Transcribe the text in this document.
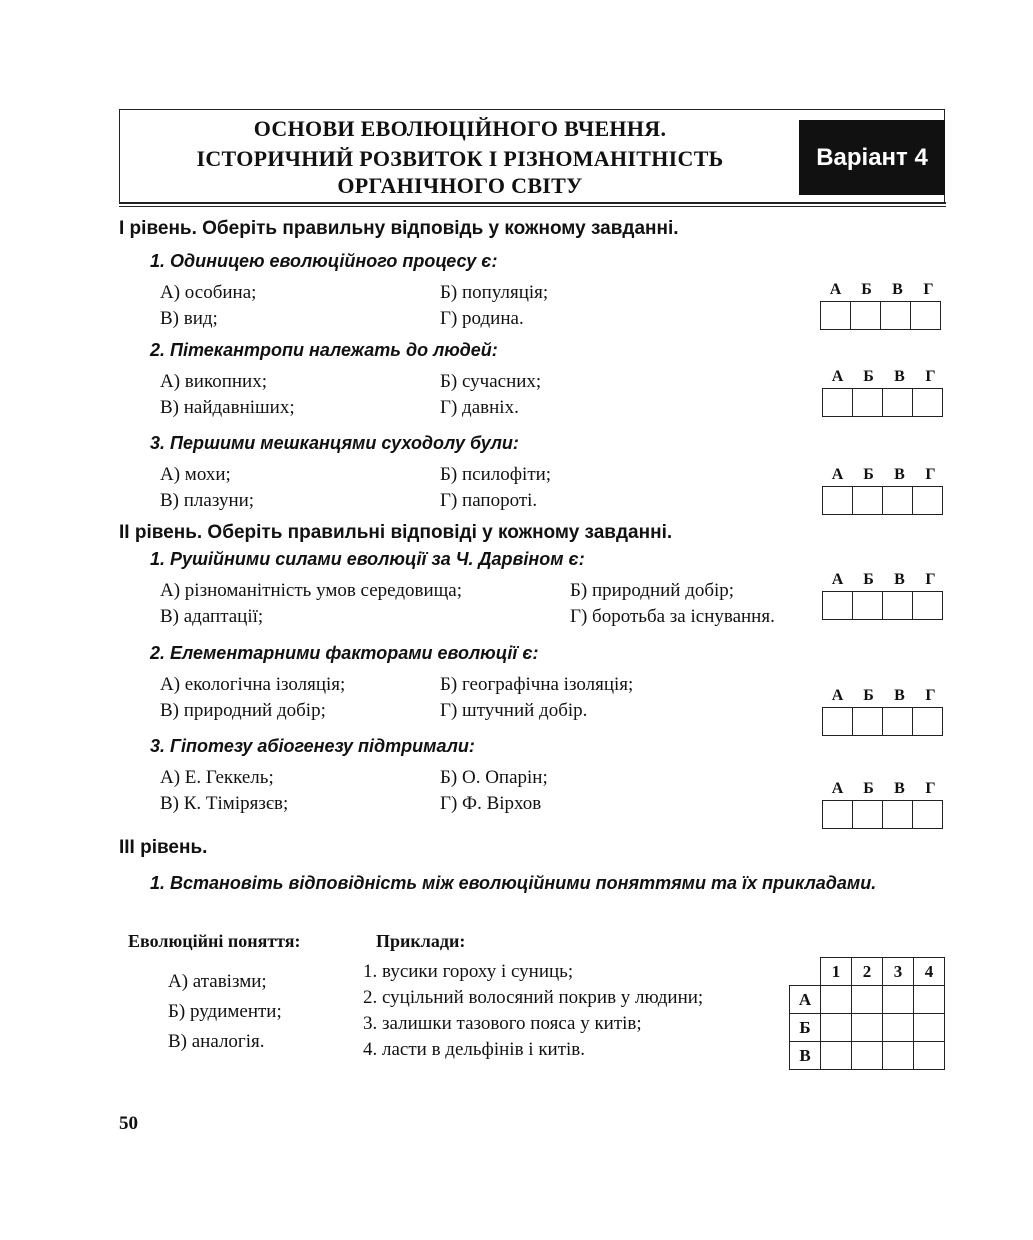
ОСНОВИ ЕВОЛЮЦІЙНОГО ВЧЕННЯ.
ІСТОРИЧНИЙ РОЗВИТОК І РІЗНОМАНІТНІСТЬ
ОРГАНІЧНОГО СВІТУ
Варіант 4
І рівень. Оберіть правильну відповідь у кожному завданні.
1. Одиницею еволюційного процесу є:
А) особина;	Б) популяція;
В) вид;	Г) родина.
А	Б	В	Г
2. Пітекантропи належать до людей:
А) викопних;	Б) сучасних;
В) найдавніших;	Г) давніх.
А	Б	В	Г
3. Першими мешканцями суходолу були:
А) мохи;	Б) псилофіти;
В) плазуни;	Г) папороті.
А	Б	В	Г
ІІ рівень. Оберіть правильні відповіді у кожному завданні.
1. Рушійними силами еволюції за Ч. Дарвіном є:
А) різноманітність умов середовища;	Б) природний добір;
В) адаптації;	Г) боротьба за існування.
А	Б	В	Г
2. Елементарними факторами еволюції є:
А) екологічна ізоляція;	Б) географічна ізоляція;
В) природний добір;	Г) штучний добір.
А	Б	В	Г
3. Гіпотезу абіогенезу підтримали:
А) Е. Геккель;	Б) О. Опарін;
В) К. Тімірязєв;	Г) Ф. Вірхов
А	Б	В	Г
ІІІ рівень.
1. Встановіть відповідність між еволюційними поняттями та їх прикладами.
Еволюційні поняття:	Приклади:
А) атавізми;
Б) рудименти;
В) аналогія.
1. вусики гороху і суниць;
2. суцільний волосяний покрив у людини;
3. залишки тазового пояса у китів;
4. ласти в дельфінів і китів.
	1	2	3	4
А				
Б				
В				
50
